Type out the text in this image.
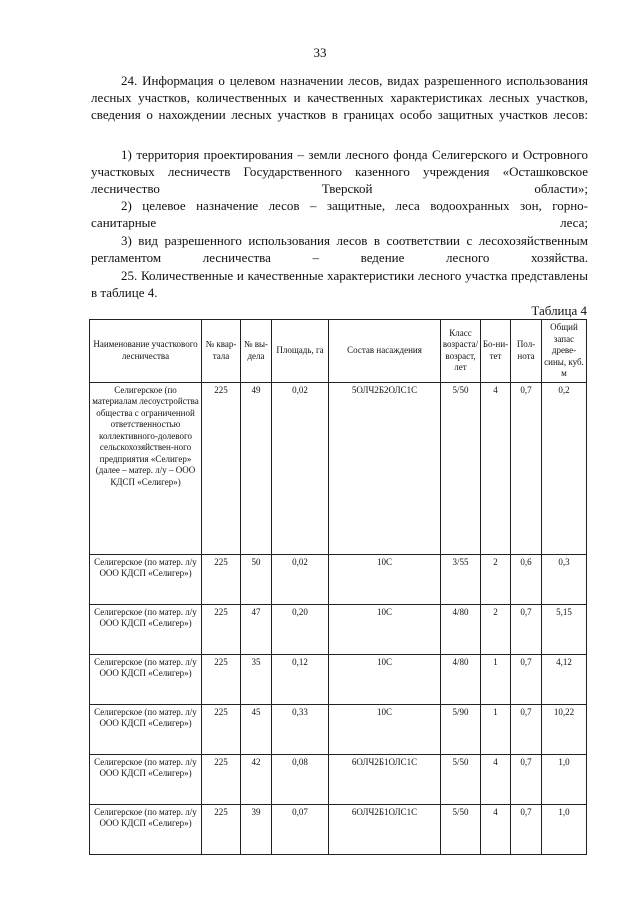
33
24. Информация о целевом назначении лесов, видах разрешенного использования лесных участков, количественных и качественных характеристиках лесных участков, сведения о нахождении лесных участков в границах особо защитных участков лесов:
1) территория проектирования – земли лесного фонда Селигерского и Островного участковых лесничеств Государственного казенного учреждения «Осташковское лесничество Тверской области»;
2) целевое назначение лесов – защитные, леса водоохранных зон, горно-санитарные леса;
3) вид разрешенного использования лесов в соответствии с лесохозяйственным регламентом лесничества – ведение лесного хозяйства.
25. Количественные и качественные характеристики лесного участка представлены в таблице 4.
Таблица 4
Наименование участкового лесничества	№ квар-тала	№ вы-дела	Площадь, га	Состав насаждения	Класс возраста/ возраст, лет	Бо-ни-тет	Пол-нота	Общий запас древе-сины, куб. м
Селигерское (по материалам лесоустройства общества с ограниченной ответственностью коллективного-долевого сельскохозяйствен-ного предприятия «Селигер» (далее – матер. л/у – ООО КДСП «Селигер»)	225	49	0,02	5ОЛЧ2Б2ОЛС1С	5/50	4	0,7	0,2
Селигерское (по матер. л/у ООО КДСП «Селигер»)	225	50	0,02	10С	3/55	2	0,6	0,3
Селигерское (по матер. л/у ООО КДСП «Селигер»)	225	47	0,20	10С	4/80	2	0,7	5,15
Селигерское (по матер. л/у ООО КДСП «Селигер»)	225	35	0,12	10С	4/80	1	0,7	4,12
Селигерское (по матер. л/у ООО КДСП «Селигер»)	225	45	0,33	10С	5/90	1	0,7	10,22
Селигерское (по матер. л/у ООО КДСП «Селигер»)	225	42	0,08	6ОЛЧ2Б1ОЛС1С	5/50	4	0,7	1,0
Селигерское (по матер. л/у ООО КДСП «Селигер»)	225	39	0,07	6ОЛЧ2Б1ОЛС1С	5/50	4	0,7	1,0
